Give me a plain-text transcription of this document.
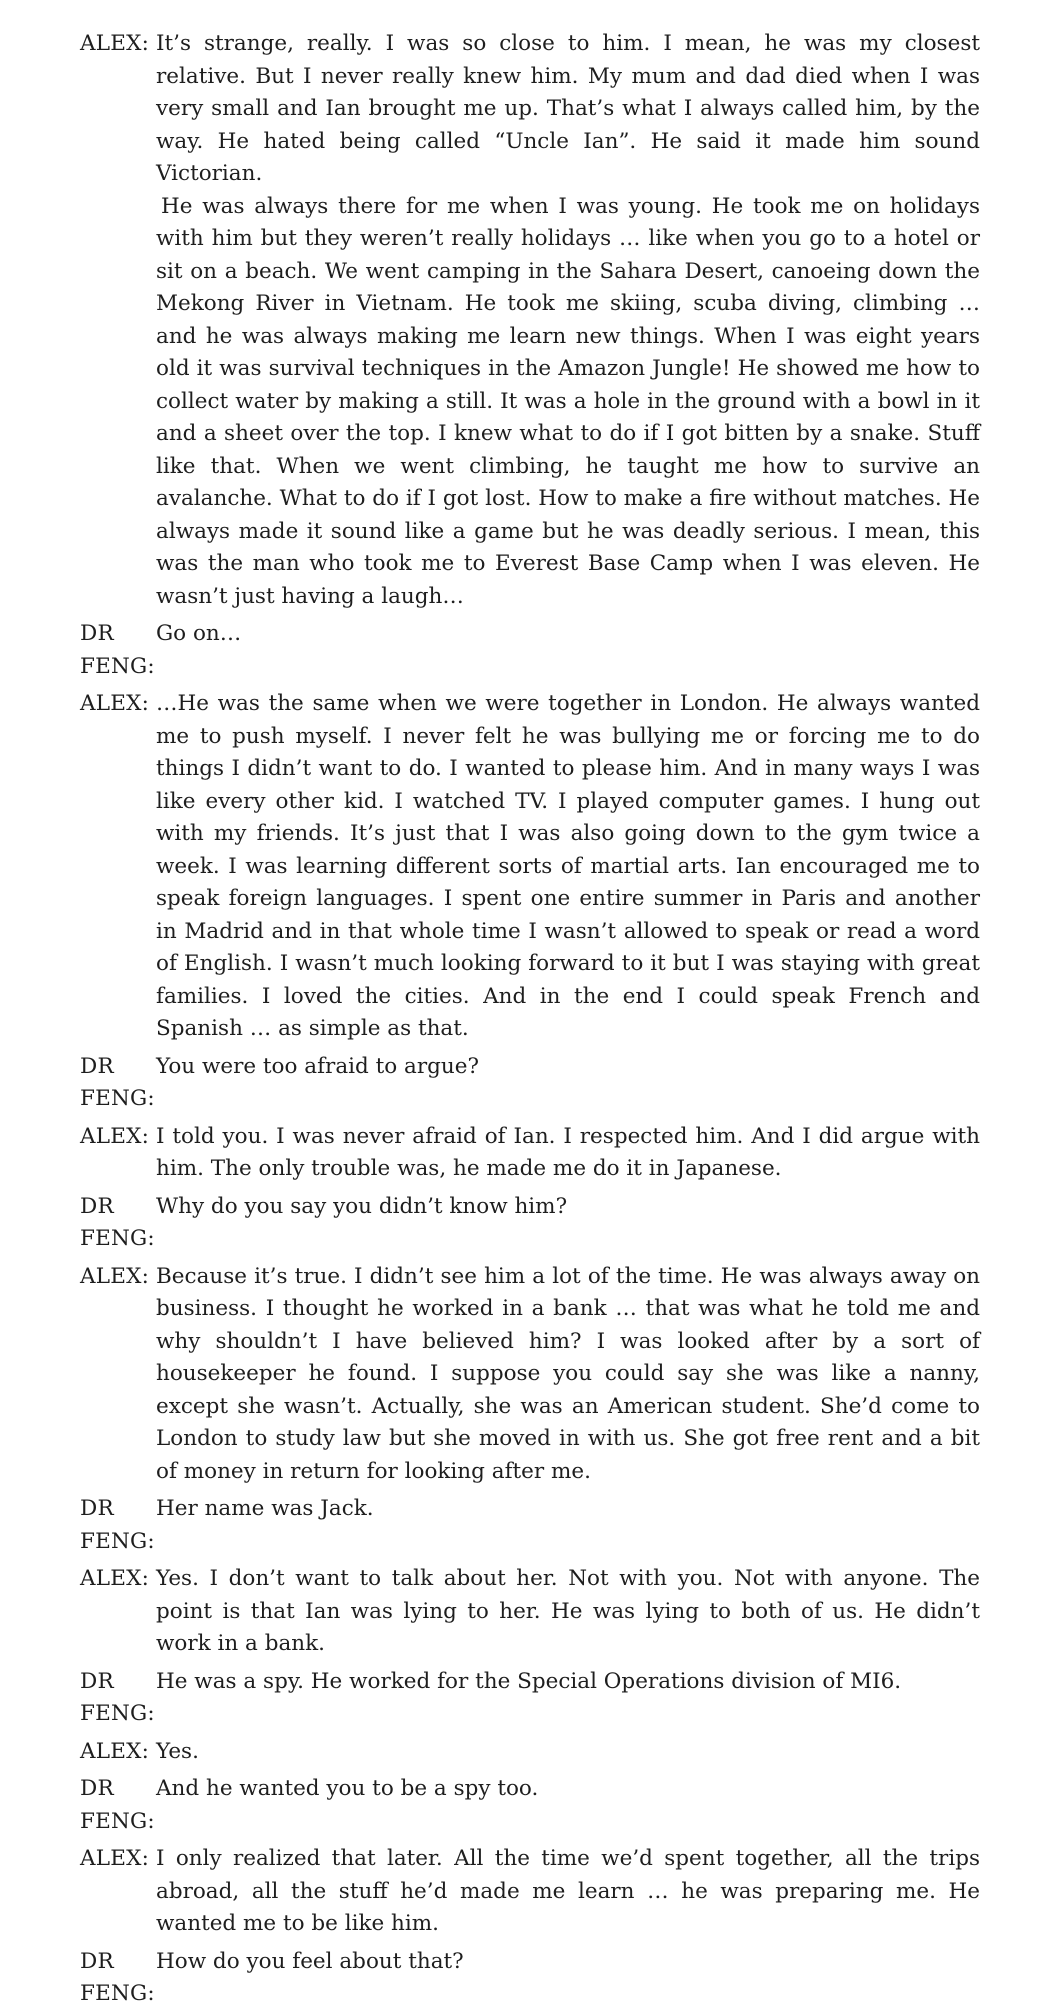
ALEX: It’s strange, really. I was so close to him. I mean, he was my closest relative. But I never really knew him. My mum and dad died when I was very small and Ian brought me up. That’s what I always called him, by the way. He hated being called “Uncle Ian”. He said it made him sound Victorian.

He was always there for me when I was young. He took me on holidays with him but they weren’t really holidays … like when you go to a hotel or sit on a beach. We went camping in the Sahara Desert, canoeing down the Mekong River in Vietnam. He took me skiing, scuba diving, climbing … and he was always making me learn new things. When I was eight years old it was survival techniques in the Amazon Jungle! He showed me how to collect water by making a still. It was a hole in the ground with a bowl in it and a sheet over the top. I knew what to do if I got bitten by a snake. Stuff like that. When we went climbing, he taught me how to survive an avalanche. What to do if I got lost. How to make a fire without matches. He always made it sound like a game but he was deadly serious. I mean, this was the man who took me to Everest Base Camp when I was eleven. He wasn’t just having a laugh…

DR FENG:

Go on…

ALEX: …He was the same when we were together in London. He always wanted me to push myself. I never felt he was bullying me or forcing me to do things I didn’t want to do. I wanted to please him. And in many ways I was like every other kid. I watched TV. I played computer games. I hung out with my friends. It’s just that I was also going down to the gym twice a week. I was learning different sorts of martial arts. Ian encouraged me to speak foreign languages. I spent one entire summer in Paris and another in Madrid and in that whole time I wasn’t allowed to speak or read a word of English. I wasn’t much looking forward to it but I was staying with great families. I loved the cities. And in the end I could speak French and Spanish … as simple as that.

DR FENG:

You were too afraid to argue?

ALEX: I told you. I was never afraid of Ian. I respected him. And I did argue with him. The only trouble was, he made me do it in Japanese.

DR FENG:

Why do you say you didn’t know him?

ALEX: Because it’s true. I didn’t see him a lot of the time. He was always away on business. I thought he worked in a bank … that was what he told me and why shouldn’t I have believed him? I was looked after by a sort of housekeeper he found. I suppose you could say she was like a nanny, except she wasn’t. Actually, she was an American student. She’d come to London to study law but she moved in with us. She got free rent and a bit of money in return for looking after me.

DR FENG:

Her name was Jack.

ALEX: Yes. I don’t want to talk about her. Not with you. Not with anyone. The point is that Ian was lying to her. He was lying to both of us. He didn’t work in a bank.

DR FENG:

He was a spy. He worked for the Special Operations division of MI6.

ALEX: Yes.

DR FENG:

And he wanted you to be a spy too.

ALEX: I only realized that later. All the time we’d spent together, all the trips abroad, all the stuff he’d made me learn … he was preparing me. He wanted me to be like him.

DR FENG:

How do you feel about that?
